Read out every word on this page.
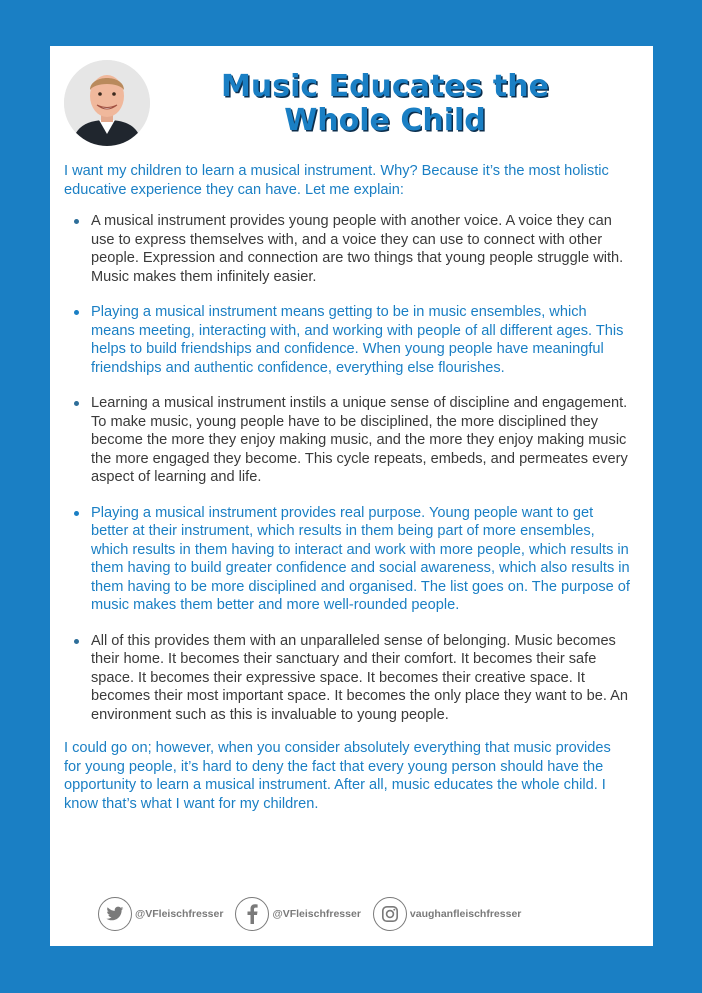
Music Educates the Whole Child

I want my children to learn a musical instrument. Why? Because it’s the most holistic educative experience they can have. Let me explain:

A musical instrument provides young people with another voice. A voice they can use to express themselves with, and a voice they can use to connect with other people. Expression and connection are two things that young people struggle with. Music makes them infinitely easier.
Playing a musical instrument means getting to be in music ensembles, which means meeting, interacting with, and working with people of all different ages. This helps to build friendships and confidence. When young people have meaningful friendships and authentic confidence, everything else flourishes.
Learning a musical instrument instils a unique sense of discipline and engagement. To make music, young people have to be disciplined, the more disciplined they become the more they enjoy making music, and the more they enjoy making music the more engaged they become. This cycle repeats, embeds, and permeates every aspect of learning and life.
Playing a musical instrument provides real purpose. Young people want to get better at their instrument, which results in them being part of more ensembles, which results in them having to interact and work with more people, which results in them having to build greater confidence and social awareness, which also results in them having to be more disciplined and organised. The list goes on. The purpose of music makes them better and more well-rounded people.
All of this provides them with an unparalleled sense of belonging. Music becomes their home. It becomes their sanctuary and their comfort. It becomes their safe space. It becomes their expressive space. It becomes their creative space. It becomes their most important space. It becomes the only place they want to be. An environment such as this is invaluable to young people.

I could go on; however, when you consider absolutely everything that music provides for young people, it’s hard to deny the fact that every young person should have the opportunity to learn a musical instrument. After all, music educates the whole child. I know that’s what I want for my children.

@VFleischfresser	@VFleischfresser	vaughanfleischfresser
